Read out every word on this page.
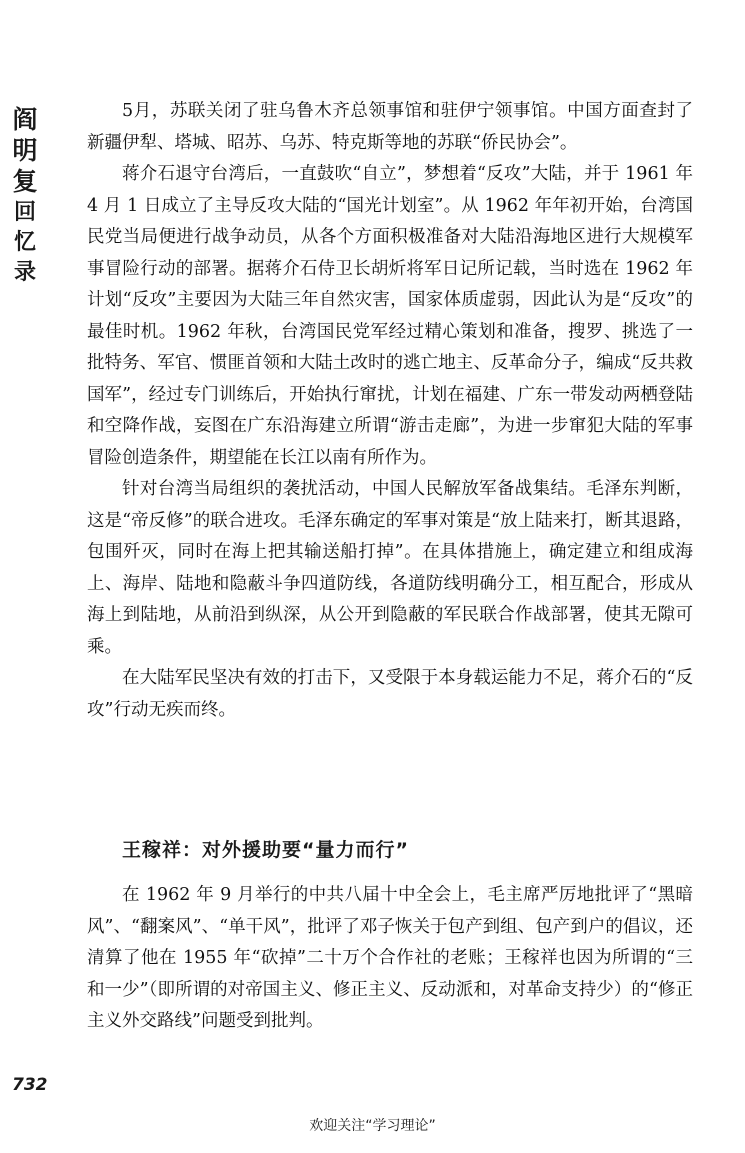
阎
明
复
回
忆
录

5月，苏联关闭了驻乌鲁木齐总领事馆和驻伊宁领事馆。中国方面查封了新疆伊犁、塔城、昭苏、乌苏、特克斯等地的苏联“侨民协会”。

蒋介石退守台湾后，一直鼓吹“自立”，梦想着“反攻”大陆，并于 1961 年 4 月 1 日成立了主导反攻大陆的“国光计划室”。从 1962 年年初开始，台湾国民党当局便进行战争动员，从各个方面积极准备对大陆沿海地区进行大规模军事冒险行动的部署。据蒋介石侍卫长胡炘将军日记所记载，当时选在 1962 年计划“反攻”主要因为大陆三年自然灾害，国家体质虚弱，因此认为是“反攻”的最佳时机。1962 年秋，台湾国民党军经过精心策划和准备，搜罗、挑选了一批特务、军官、惯匪首领和大陆土改时的逃亡地主、反革命分子，编成“反共救国军”，经过专门训练后，开始执行窜扰，计划在福建、广东一带发动两栖登陆和空降作战，妄图在广东沿海建立所谓“游击走廊”，为进一步窜犯大陆的军事冒险创造条件，期望能在长江以南有所作为。

针对台湾当局组织的袭扰活动，中国人民解放军备战集结。毛泽东判断，这是“帝反修”的联合进攻。毛泽东确定的军事对策是“放上陆来打，断其退路，包围歼灭，同时在海上把其输送船打掉”。在具体措施上，确定建立和组成海上、海岸、陆地和隐蔽斗争四道防线，各道防线明确分工，相互配合，形成从海上到陆地，从前沿到纵深，从公开到隐蔽的军民联合作战部署，使其无隙可乘。

在大陆军民坚决有效的打击下，又受限于本身载运能力不足，蒋介石的“反攻”行动无疾而终。

王稼祥：对外援助要“量力而行”

在 1962 年 9 月举行的中共八届十中全会上，毛主席严厉地批评了“黑暗风”、“翻案风”、“单干风”，批评了邓子恢关于包产到组、包产到户的倡议，还清算了他在 1955 年“砍掉”二十万个合作社的老账；王稼祥也因为所谓的“三和一少”（即所谓的对帝国主义、修正主义、反动派和，对革命支持少）的“修正主义外交路线”问题受到批判。

732
欢迎关注“学习理论”
